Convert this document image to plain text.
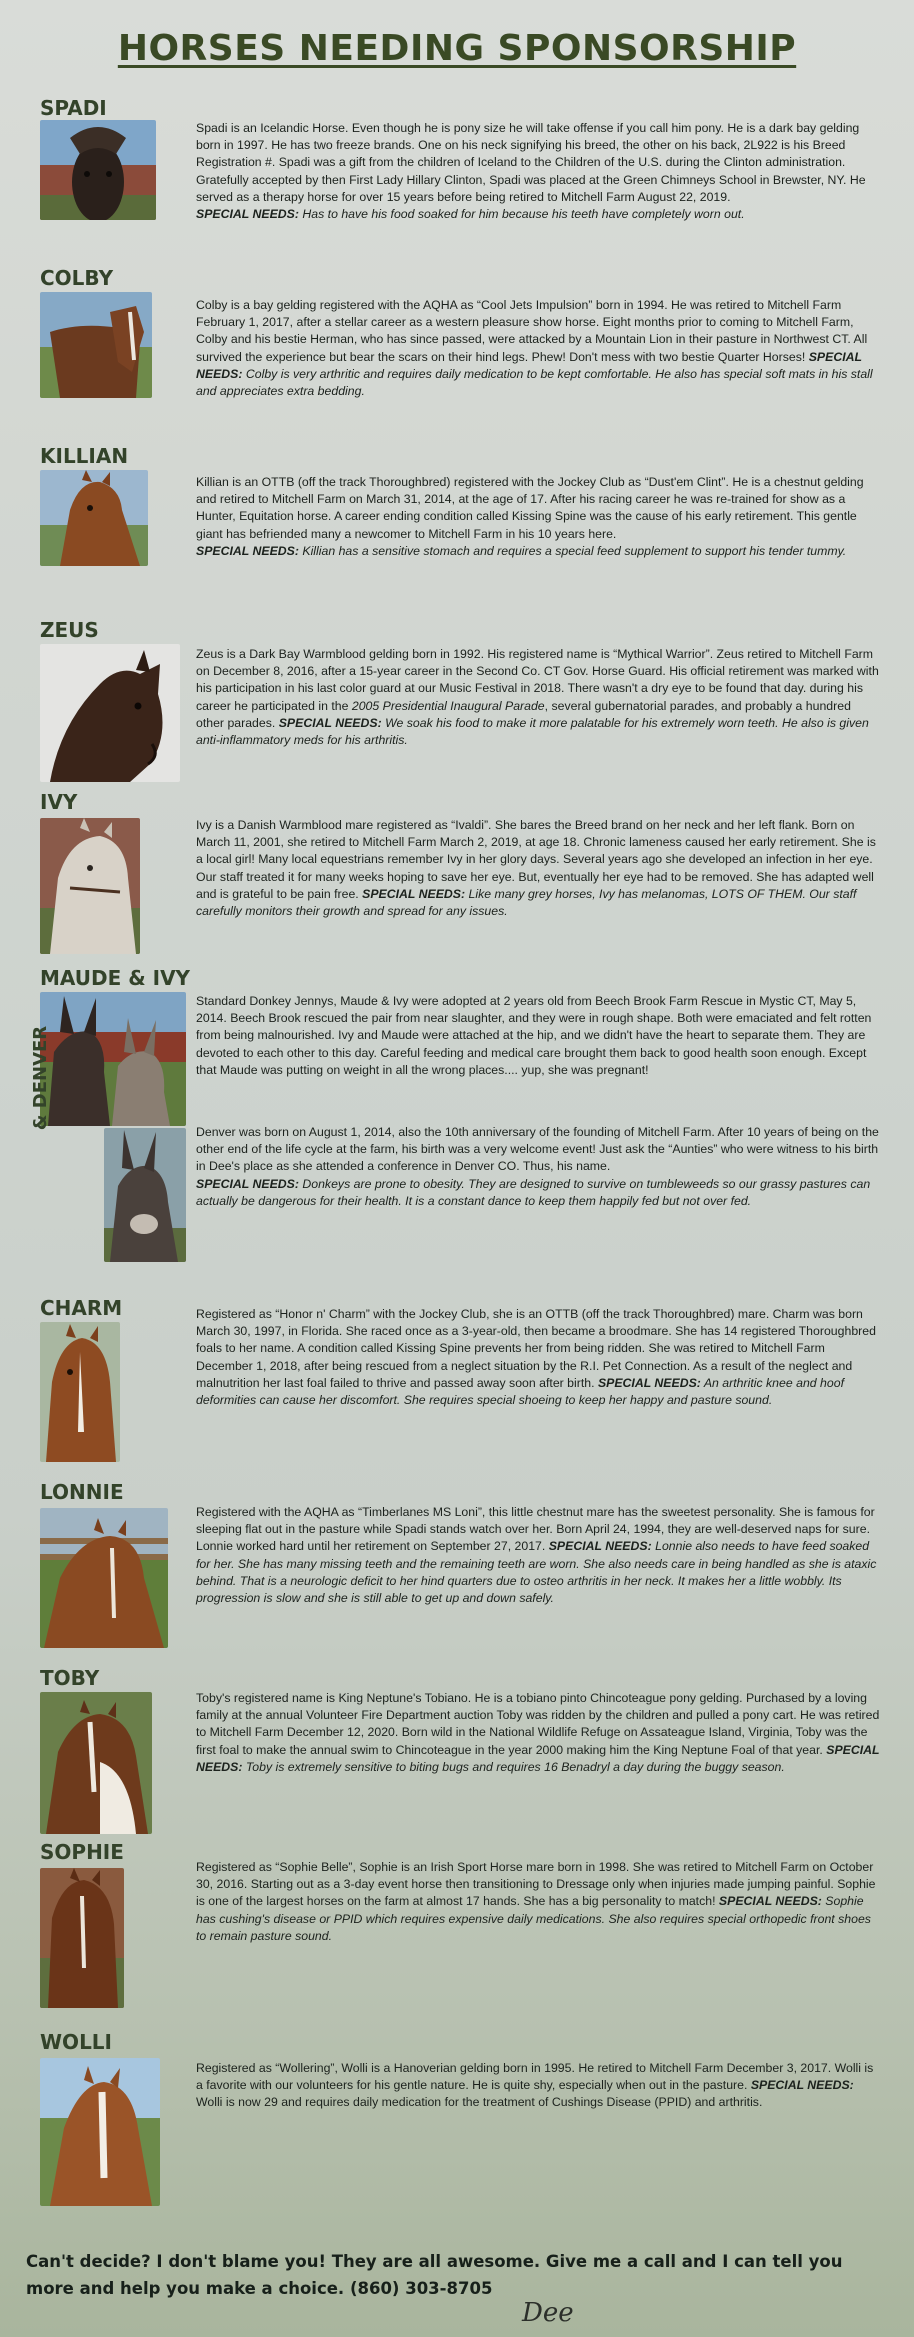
HORSES NEEDING SPONSORSHIP
SPADI

Spadi is an Icelandic Horse. Even though he is pony size he will take offense if you call him pony. He is a dark bay gelding born in 1997. He has two freeze brands. One on his neck signifying his breed, the other on his back, 2L922 is his Breed Registration #. Spadi was a gift from the children of Iceland to the Children of the U.S. during the Clinton administration. Gratefully accepted by then First Lady Hillary Clinton, Spadi was placed at the Green Chimneys School in Brewster, NY. He served as a therapy horse for over 15 years before being retired to Mitchell Farm August 22, 2019.
SPECIAL NEEDS: Has to have his food soaked for him because his teeth have completely worn out.

COLBY

Colby is a bay gelding registered with the AQHA as “Cool Jets Impulsion” born in 1994. He was retired to Mitchell Farm February 1, 2017, after a stellar career as a western pleasure show horse. Eight months prior to coming to Mitchell Farm, Colby and his bestie Herman, who has since passed, were attacked by a Mountain Lion in their pasture in Northwest CT. All survived the experience but bear the scars on their hind legs. Phew! Don't mess with two bestie Quarter Horses! SPECIAL NEEDS: Colby is very arthritic and requires daily medication to be kept comfortable. He also has special soft mats in his stall and appreciates extra bedding.

KILLIAN

Killian is an OTTB (off the track Thoroughbred) registered with the Jockey Club as “Dust'em Clint”. He is a chestnut gelding and retired to Mitchell Farm on March 31, 2014, at the age of 17. After his racing career he was re-trained for show as a Hunter, Equitation horse. A career ending condition called Kissing Spine was the cause of his early retirement. This gentle giant has befriended many a newcomer to Mitchell Farm in his 10 years here.
SPECIAL NEEDS: Killian has a sensitive stomach and requires a special feed supplement to support his tender tummy.

ZEUS

Zeus is a Dark Bay Warmblood gelding born in 1992. His registered name is “Mythical Warrior”. Zeus retired to Mitchell Farm on December 8, 2016, after a 15-year career in the Second Co. CT Gov. Horse Guard. His official retirement was marked with his participation in his last color guard at our Music Festival in 2018. There wasn't a dry eye to be found that day. during his career he participated in the 2005 Presidential Inaugural Parade, several gubernatorial parades, and probably a hundred other parades. SPECIAL NEEDS: We soak his food to make it more palatable for his extremely worn teeth. He also is given anti-inflammatory meds for his arthritis.

IVY

Ivy is a Danish Warmblood mare registered as “Ivaldi”. She bares the Breed brand on her neck and her left flank. Born on March 11, 2001, she retired to Mitchell Farm March 2, 2019, at age 18. Chronic lameness caused her early retirement. She is a local girl! Many local equestrians remember Ivy in her glory days. Several years ago she developed an infection in her eye. Our staff treated it for many weeks hoping to save her eye. But, eventually her eye had to be removed. She has adapted well and is grateful to be pain free. SPECIAL NEEDS: Like many grey horses, Ivy has melanomas, LOTS OF THEM. Our staff carefully monitors their growth and spread for any issues.

MAUDE & IVY

Standard Donkey Jennys, Maude & Ivy were adopted at 2 years old from Beech Brook Farm Rescue in Mystic CT, May 5, 2014. Beech Brook rescued the pair from near slaughter, and they were in rough shape. Both were emaciated and felt rotten from being malnourished. Ivy and Maude were attached at the hip, and we didn't have the heart to separate them. They are devoted to each other to this day. Careful feeding and medical care brought them back to good health soon enough. Except that Maude was putting on weight in all the wrong places.... yup, she was pregnant!

& DENVER

Denver was born on August 1, 2014, also the 10th anniversary of the founding of Mitchell Farm. After 10 years of being on the other end of the life cycle at the farm, his birth was a very welcome event! Just ask the “Aunties” who were witness to his birth in Dee's place as she attended a conference in Denver CO. Thus, his name.
SPECIAL NEEDS: Donkeys are prone to obesity. They are designed to survive on tumbleweeds so our grassy pastures can actually be dangerous for their health. It is a constant dance to keep them happily fed but not over fed.

CHARM	Registered as “Honor n' Charm” with the Jockey Club, she is an OTTB (off the track Thoroughbred) mare. Charm was born March 30, 1997, in Florida. She raced once as a 3-year-old, then became a broodmare. She has 14 registered Thoroughbred foals to her name. A condition called Kissing Spine prevents her from being ridden. She was retired to Mitchell Farm December 1, 2018, after being rescued from a neglect situation by the R.I. Pet Connection. As a result of the neglect and malnutrition her last foal failed to thrive and passed away soon after birth. SPECIAL NEEDS: An arthritic knee and hoof deformities can cause her discomfort. She requires special shoeing to keep her happy and pasture sound.

LONNIE

Registered with the AQHA as “Timberlanes MS Loni”, this little chestnut mare has the sweetest personality. She is famous for sleeping flat out in the pasture while Spadi stands watch over her. Born April 24, 1994, they are well-deserved naps for sure. Lonnie worked hard until her retirement on September 27, 2017. SPECIAL NEEDS: Lonnie also needs to have feed soaked for her. She has many missing teeth and the remaining teeth are worn. She also needs care in being handled as she is ataxic behind. That is a neurologic deficit to her hind quarters due to osteo arthritis in her neck. It makes her a little wobbly. Its progression is slow and she is still able to get up and down safely.

TOBY

Toby's registered name is King Neptune's Tobiano. He is a tobiano pinto Chincoteague pony gelding. Purchased by a loving family at the annual Volunteer Fire Department auction Toby was ridden by the children and pulled a pony cart. He was retired to Mitchell Farm December 12, 2020. Born wild in the National Wildlife Refuge on Assateague Island, Virginia, Toby was the first foal to make the annual swim to Chincoteague in the year 2000 making him the King Neptune Foal of that year. SPECIAL NEEDS: Toby is extremely sensitive to biting bugs and requires 16 Benadryl a day during the buggy season.

SOPHIE

Registered as “Sophie Belle”, Sophie is an Irish Sport Horse mare born in 1998. She was retired to Mitchell Farm on October 30, 2016. Starting out as a 3-day event horse then transitioning to Dressage only when injuries made jumping painful. Sophie is one of the largest horses on the farm at almost 17 hands. She has a big personality to match! SPECIAL NEEDS: Sophie has cushing's disease or PPID which requires expensive daily medications. She also requires special orthopedic front shoes to remain pasture sound.

WOLLI

Registered as “Wollering”, Wolli is a Hanoverian gelding born in 1995. He retired to Mitchell Farm December 3, 2017. Wolli is a favorite with our volunteers for his gentle nature. He is quite shy, especially when out in the pasture. SPECIAL NEEDS: Wolli is now 29 and requires daily medication for the treatment of Cushings Disease (PPID) and arthritis.

Can't decide? I don't blame you! They are all awesome. Give me a call and I can tell you more and help you make a choice. (860) 303-8705
Dee
